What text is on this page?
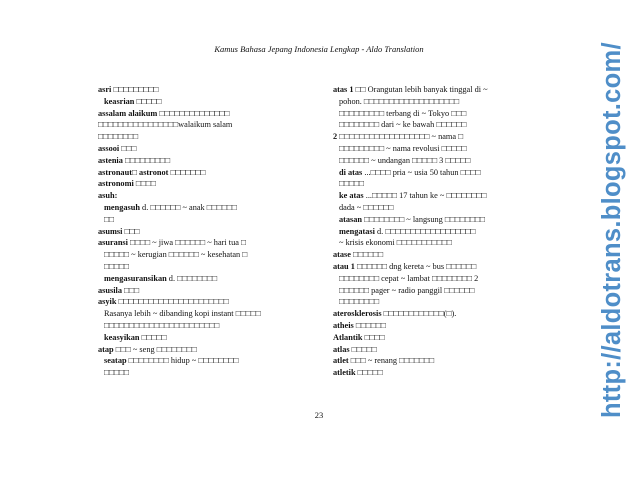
Kamus Bahasa Jepang Indonesia Lengkap - Aldo Translation
asri □□□□□□□□□
keasrian □□□□□
assalam alaikum □□□□□□□□□□□□□□
□□□□□□□□□□□□□□□□walaikum salam
□□□□□□□□
assooi □□□
astenia □□□□□□□□□
astronaut□ astronot □□□□□□□
astronomi □□□□
asuh:
mengasuh d. □□□□□□ ~ anak □□□□□□
□□
asumsi □□□
asuransi □□□□ ~ jiwa □□□□□□ ~ hari tua □
□□□□□ ~ kerugian □□□□□□ ~ kesehatan □
□□□□□
mengasuransikan d. □□□□□□□□
asusila □□□
asyik □□□□□□□□□□□□□□□□□□□□□□
Rasanya lebih ~ dibanding kopi instant □□□□□
□□□□□□□□□□□□□□□□□□□□□□□
keasyikan □□□□□
atap □□□ ~ seng □□□□□□□□
seatap □□□□□□□□ hidup ~ □□□□□□□□
□□□□□
atas 1 □□ Orangutan lebih banyak tinggal di ~
pohon. □□□□□□□□□□□□□□□□□□□
□□□□□□□□□ terbang di ~ Tokyo □□□
□□□□□□□□ dari ~ ke bawah □□□□□□
2 □□□□□□□□□□□□□□□□□□ ~ nama □
□□□□□□□□□ ~ nama revolusi □□□□□
□□□□□□ ~ undangan □□□□□ 3 □□□□□
di atas ...□□□□ pria ~ usia 50 tahun □□□□
□□□□□
ke atas ...□□□□□ 17 tahun ke ~ □□□□□□□□
dada ~ □□□□□□
atasan □□□□□□□□ ~ langsung □□□□□□□□
mengatasi d. □□□□□□□□□□□□□□□□□□
~ krisis ekonomi □□□□□□□□□□□
atase □□□□□□
atau 1 □□□□□□ dng kereta ~ bus □□□□□□
□□□□□□□□ cepat ~ lambat □□□□□□□□ 2
□□□□□□ pager ~ radio panggil □□□□□□
□□□□□□□□
aterosklerosis □□□□□□□□□□□□(□).
atheis □□□□□□
Atlantik □□□□
atlas □□□□□
atlet □□□ ~ renang □□□□□□□
atletik □□□□□
23	http://aldotrans.blogspot.com/
